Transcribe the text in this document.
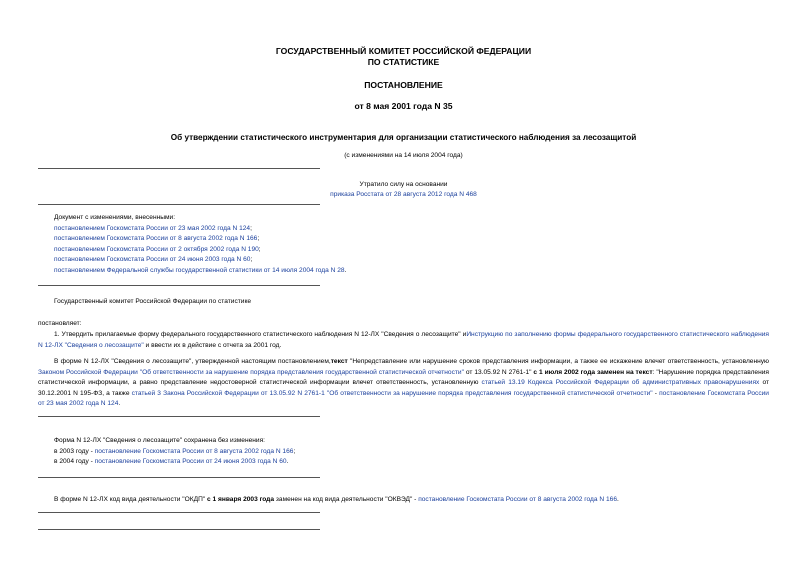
ГОСУДАРСТВЕННЫЙ КОМИТЕТ РОССИЙСКОЙ ФЕДЕРАЦИИ
ПО СТАТИСТИКЕ
ПОСТАНОВЛЕНИЕ
от 8 мая 2001 года N 35
Об утверждении статистического инструментария для организации статистического наблюдения за лесозащитой
(с изменениями на 14 июля 2004 года)
Утратило силу на основании
приказа Росстата от 28 августа 2012 года N 468
Документ с изменениями, внесенными:
постановлением Госкомстата России от 23 мая 2002 года N 124;
постановлением Госкомстата России от 8 августа 2002 года N 166;
постановлением Госкомстата России от 2 октября 2002 года N 190;
постановлением Госкомстата России от 24 июня 2003 года N 60;
постановлением Федеральной службы государственной статистики от 14 июля 2004 года N 28.
Государственный комитет Российской Федерации по статистике
постановляет:
1. Утвердить прилагаемые форму федерального государственного статистического наблюдения N 12-ЛХ "Сведения о лесозащите" иИнструкцию по заполнению формы федерального государственного статистического наблюдения N 12-ЛХ "Сведения о лесозащите" и ввести их в действие с отчета за 2001 год.
В форме N 12-ЛХ "Сведения о лесозащите", утвержденной настоящим постановлением,текст "Непредставление или нарушение сроков представления информации, а также ее искажение влечет ответственность, установленную Законом Российской Федерации "Об ответственности за нарушение порядка представления государственной статистической отчетности" от 13.05.92 N 2761-1" с 1 июля 2002 года заменен на текст: "Нарушение порядка представления статистической информации, а равно представление недостоверной статистической информации влечет ответственность, установленную статьей 13.19 Кодекса Российской Федерации об административных правонарушениях от 30.12.2001 N 195-ФЗ, а также статьей 3 Закона Российской Федерации от 13.05.92 N 2761-1 "Об ответственности за нарушение порядка представления государственной статистической отчетности" - постановление Госкомстата России от 23 мая 2002 года N 124.
Форма N 12-ЛХ "Сведения о лесозащите" сохранена без изменения:
в 2003 году - постановление Госкомстата России от 8 августа 2002 года N 166;
в 2004 году - постановление Госкомстата России от 24 июня 2003 года N 60.
В форме N 12-ЛХ код вида деятельности "ОКДП" с 1 января 2003 года заменен на код вида деятельности "ОКВЭД" - постановление Госкомстата России от 8 августа 2002 года N 166.
